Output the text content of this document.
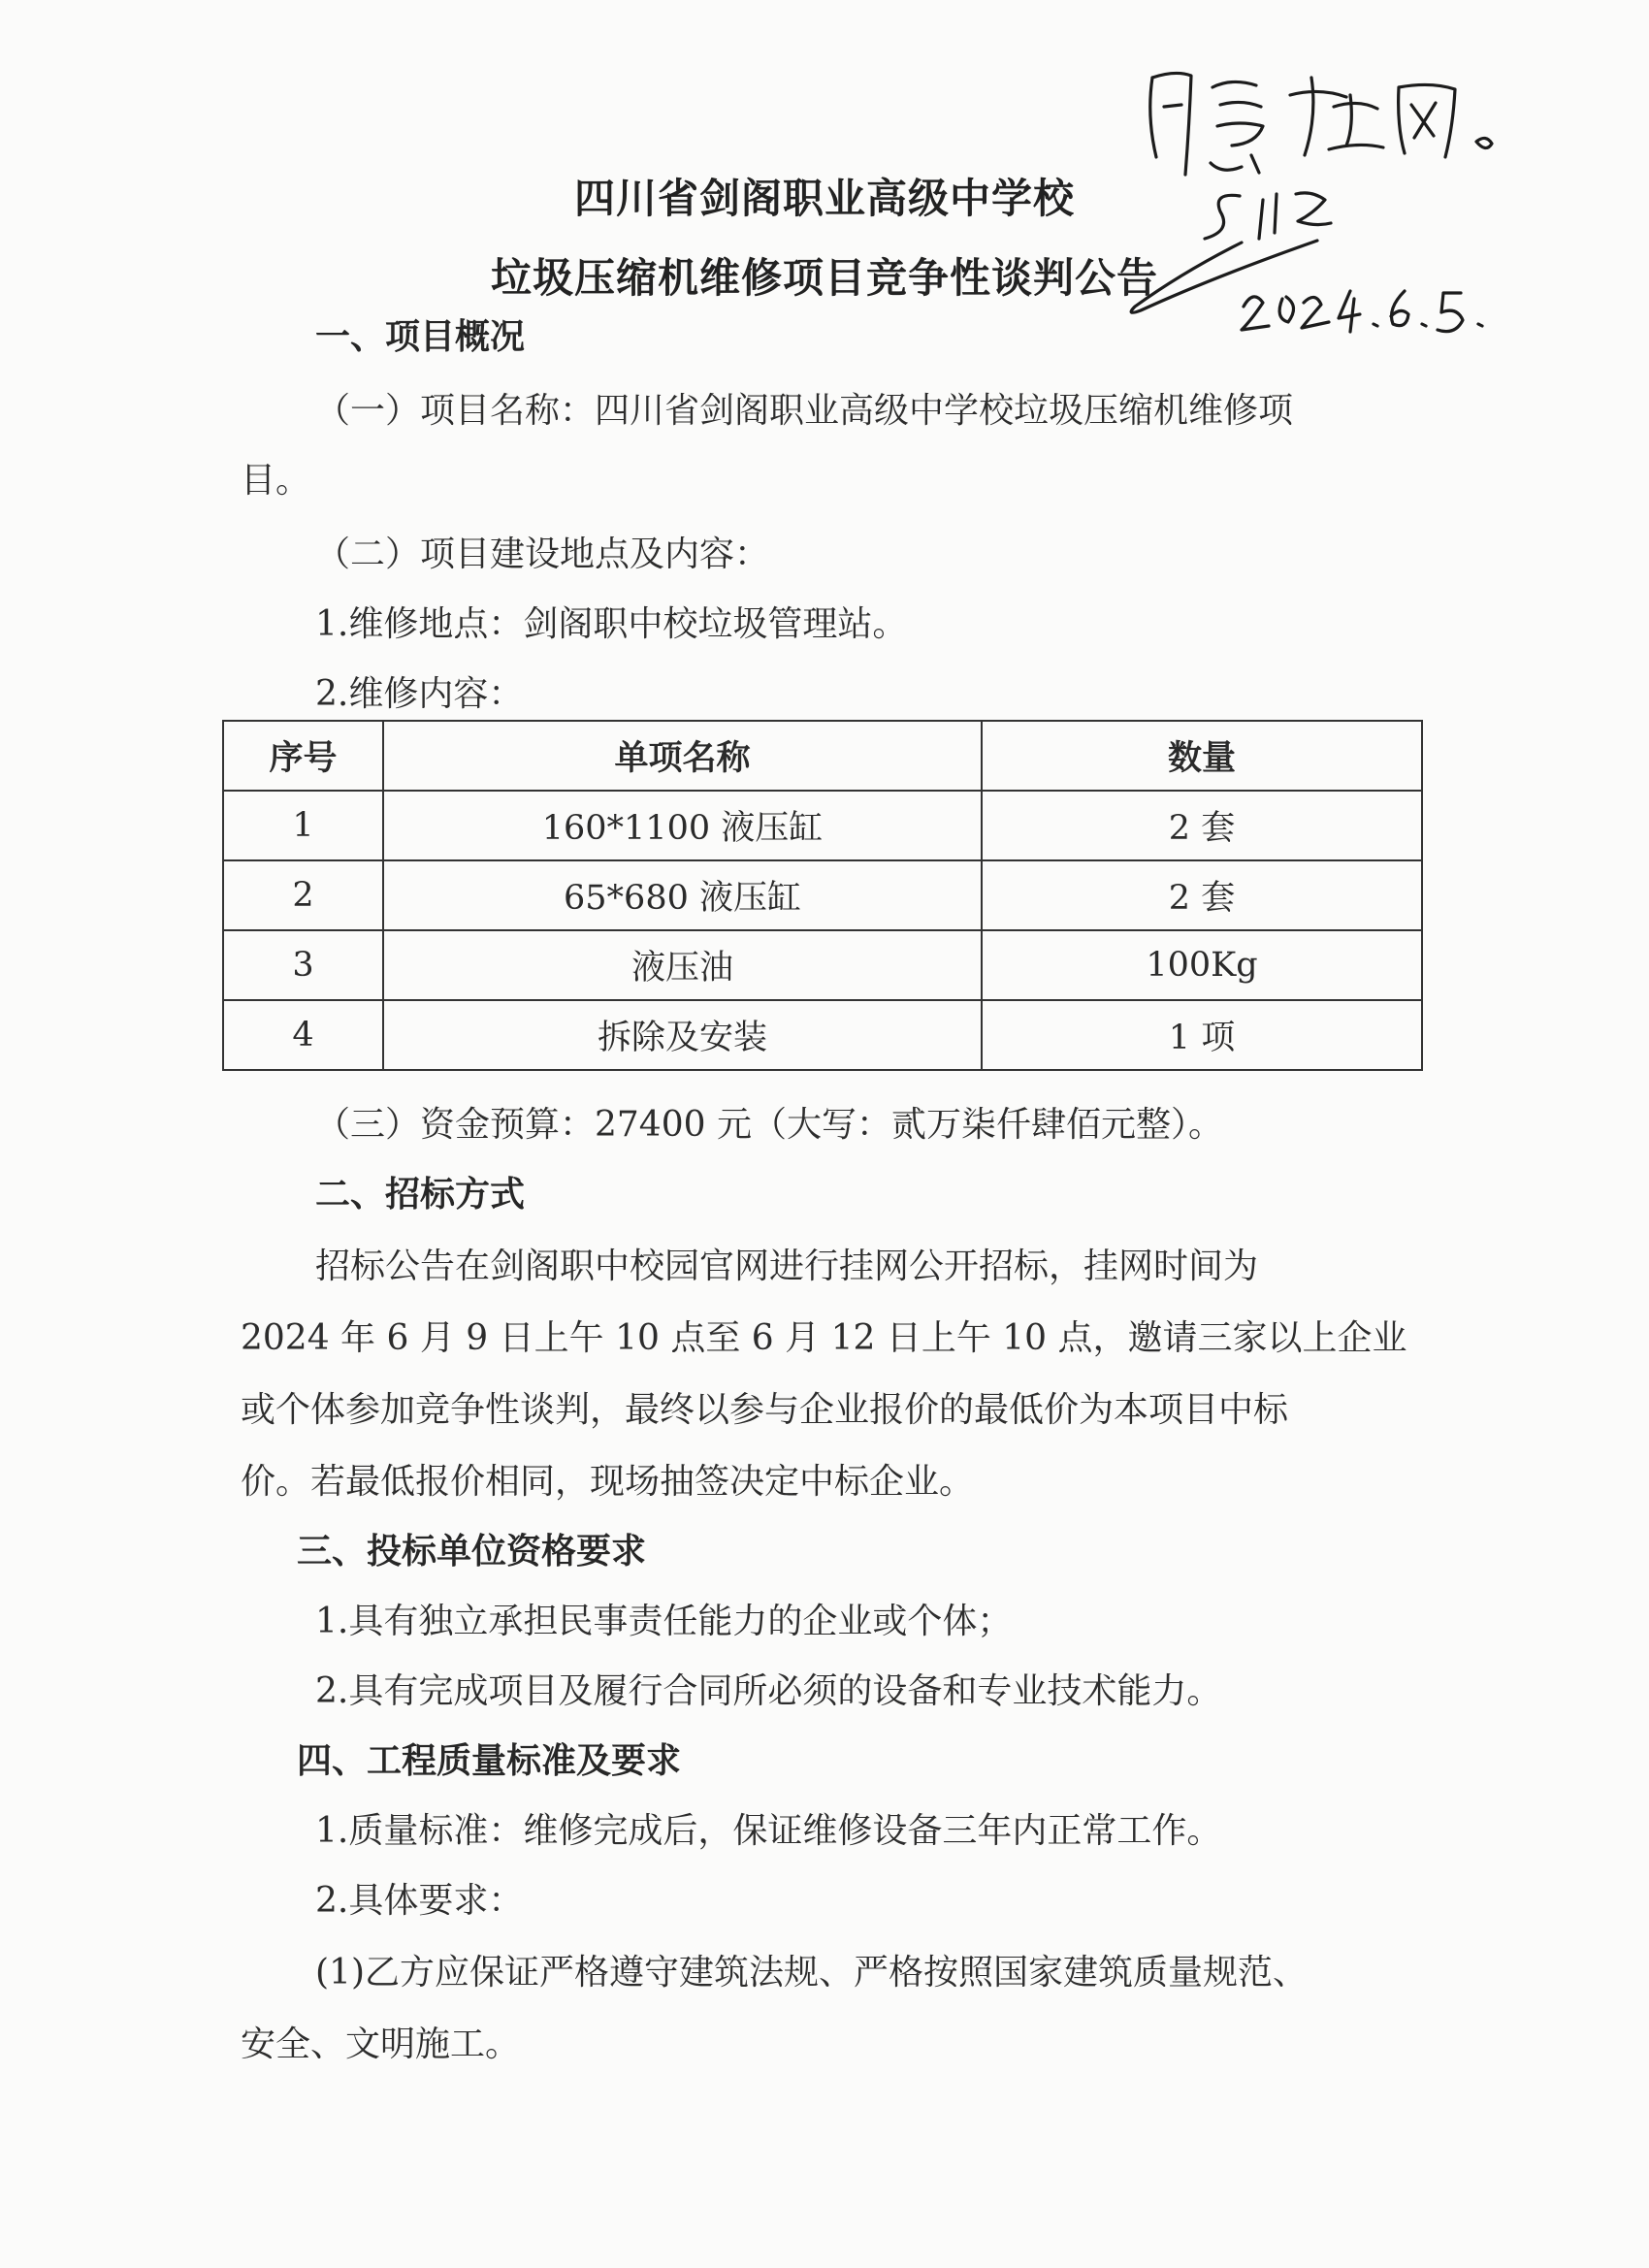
四川省剑阁职业高级中学校
垃圾压缩机维修项目竞争性谈判公告
一、项目概况
（一）项目名称：四川省剑阁职业高级中学校垃圾压缩机维修项
目。
（二）项目建设地点及内容：
1.维修地点：剑阁职中校垃圾管理站。
2.维修内容：
序号	单项名称	数量
1	160*1100 液压缸	2 套
2	65*680 液压缸	2 套
3	液压油	100Kg
4	拆除及安装	1 项
（三）资金预算：27400 元（大写：贰万柒仟肆佰元整）。
二、招标方式
招标公告在剑阁职中校园官网进行挂网公开招标，挂网时间为
2024 年 6 月 9 日上午 10 点至 6 月 12 日上午 10 点，邀请三家以上企业
或个体参加竞争性谈判，最终以参与企业报价的最低价为本项目中标
价。若最低报价相同，现场抽签决定中标企业。
三、投标单位资格要求
1.具有独立承担民事责任能力的企业或个体；
2.具有完成项目及履行合同所必须的设备和专业技术能力。
四、工程质量标准及要求
1.质量标准：维修完成后，保证维修设备三年内正常工作。
2.具体要求：
(1)乙方应保证严格遵守建筑法规、严格按照国家建筑质量规范、
安全、文明施工。
